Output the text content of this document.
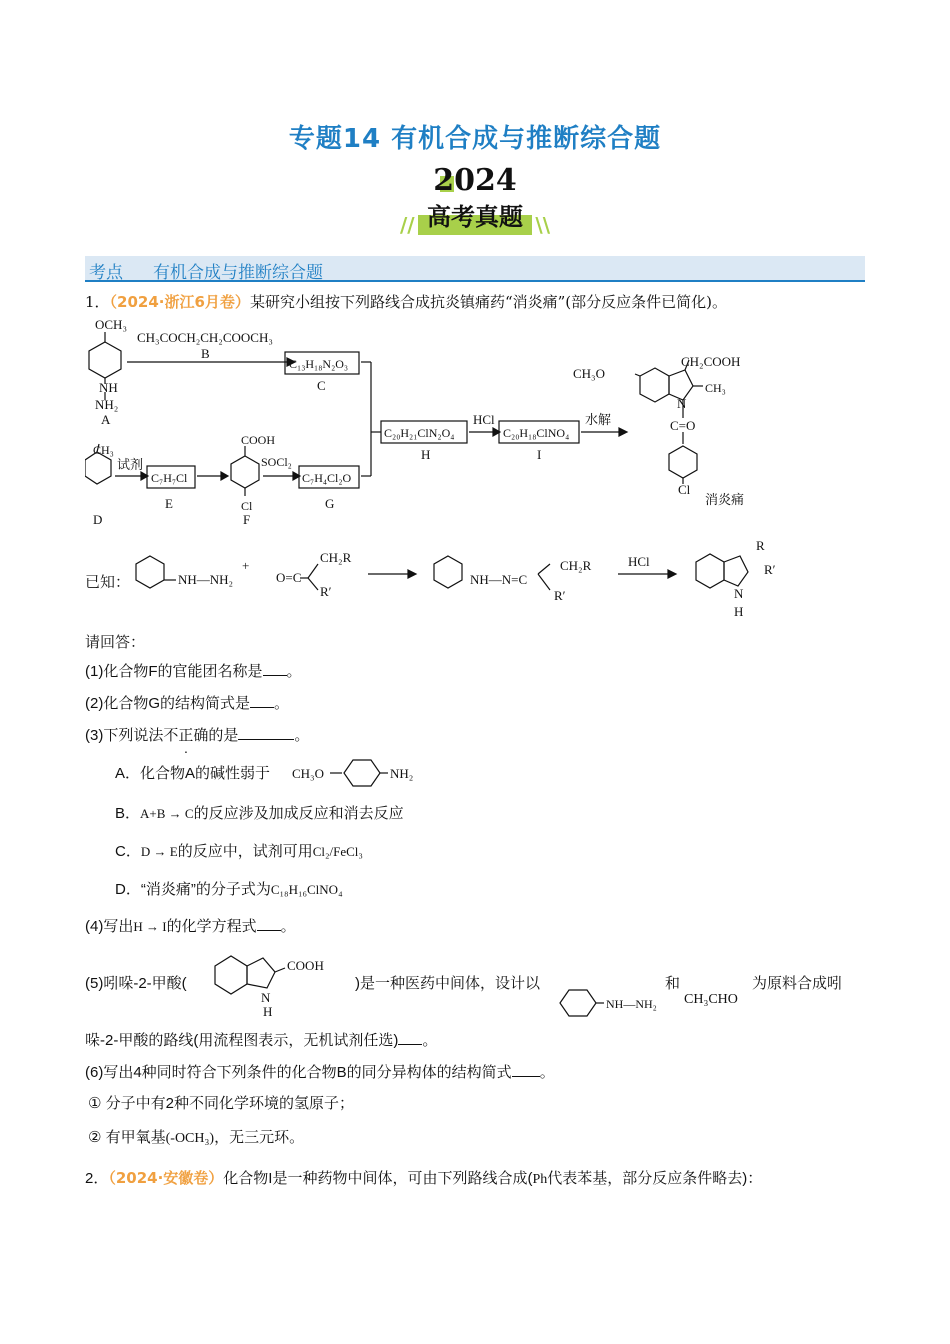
专题14 有机合成与推断综合题
2024
// 高考真题 \\
考点 有机合成与推断综合题
1．（2024·浙江6月卷）某研究小组按下列路线合成抗炎镇痛药“消炎痛”(部分反应条件已简化)。
OCH₃
NH
NH₂
A
CH₃COCH₂CH₂COOCH₃
B
C₁₃H₁₈N₂O₃
C
CH₃
D
试剂
C₇H₇Cl
E
COOH
Cl
F
SOCl₂
C₇H₄Cl₂O
G
C₂₀H₂₁ClN₂O₄
H
HCl
C₂₀H₁₈ClNO₄
I
水解
CH₂COOH
CH₃O
CH₃
N
C=O
Cl
消炎痛
已知：	NH—NH₂
+
O=C
CH₂R
R′
NH—N=C
CH₂R
R′
HCl
R
R′
N
H
请回答：
(1)化合物F的官能团名称是 。
(2)化合物G的结构简式是 。
(3)下列说法不正确的是	。
A．化合物A的碱性弱于 CH₃O	NH₂
B．A+B → C的反应涉及加成反应和消去反应
C．D → E的反应中，试剂可用Cl₂/FeCl₃
D．“消炎痛”的分子式为C₁₈H₁₆ClNO₄
(4)写出H → I的化学方程式 。
(5)吲哚-2-甲酸(
COOH
N
H
)是一种医药中间体，设计以
NH—NH₂
和
CH₃CHO
为原料合成吲
哚-2-甲酸的路线(用流程图表示，无机试剂任选) 。
(6)写出4种同时符合下列条件的化合物B的同分异构体的结构简式 。
① 分子中有2种不同化学环境的氢原子；
② 有甲氧基(-OCH₃)，无三元环。
2．（2024·安徽卷）化合物I是一种药物中间体，可由下列路线合成(Ph代表苯基，部分反应条件略去)：
